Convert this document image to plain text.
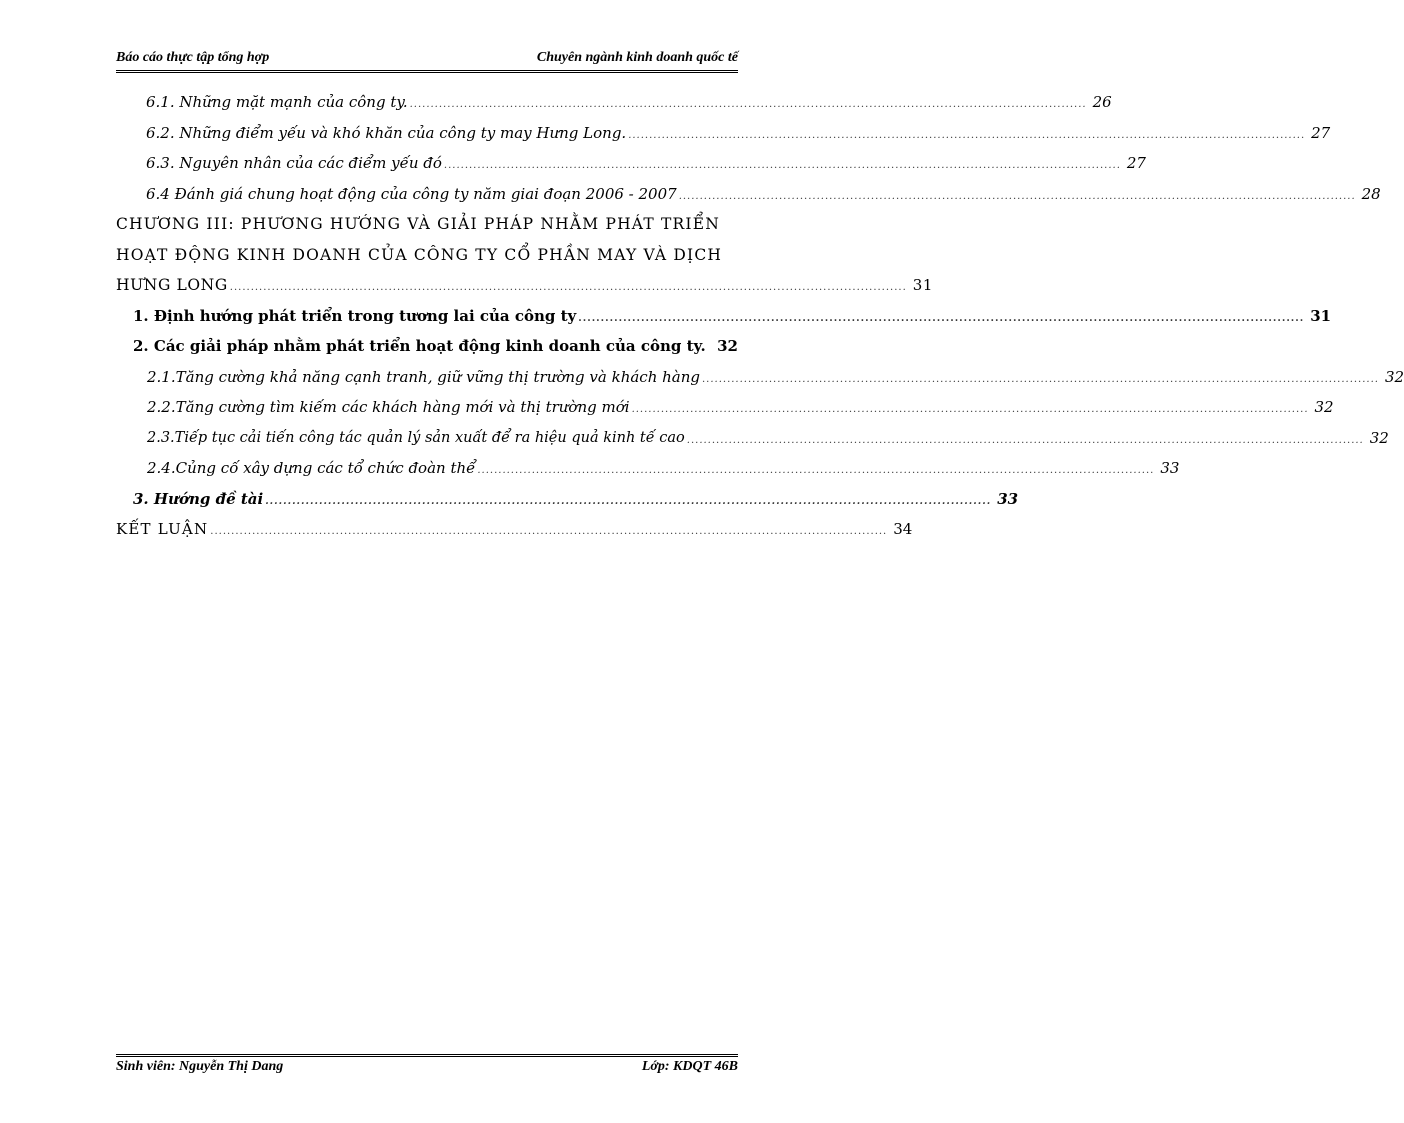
Báo cáo thực tập tổng hợp	Chuyên ngành kinh doanh quốc tế
6.1. Những mặt mạnh của công ty. .................................................................................................................................................................. 26
6.2. Những điểm yếu và khó khăn của công ty may Hưng Long. .................................................................................................................................................................. 27
6.3. Nguyên nhân của các điểm yếu đó .................................................................................................................................................................. 27
6.4 Đánh giá chung hoạt động của công ty năm giai đoạn 2006 - 2007 .................................................................................................................................................................. 28
CHƯƠNG III: PHƯƠNG HƯỚNG VÀ GIẢI PHÁP NHẰM PHÁT TRIỂN
HOẠT ĐỘNG KINH DOANH CỦA CÔNG TY CỔ PHẦN MAY VÀ DỊCH
HƯNG LONG .................................................................................................................................................................. 31
1. Định hướng phát triển trong tương lai của công ty .................................................................................................................................................................. 31
2. Các giải pháp nhằm phát triển hoạt động kinh doanh của công ty. 32
2.1.Tăng cường khả năng cạnh tranh, giữ vững thị trường và khách hàng .................................................................................................................................................................. 32
2.2.Tăng cường tìm kiếm các khách hàng mới và thị trường mới .................................................................................................................................................................. 32
2.3.Tiếp tục cải tiến công tác quản lý sản xuất để ra hiệu quả kinh tế cao .................................................................................................................................................................. 32
2.4.Củng cố xây dựng các tổ chức đoàn thể .................................................................................................................................................................. 33
3. Hướng đề tài .................................................................................................................................................................. 33
KẾT LUẬN .................................................................................................................................................................. 34
Sinh viên: Nguyễn Thị Dang	Lớp: KDQT 46B
